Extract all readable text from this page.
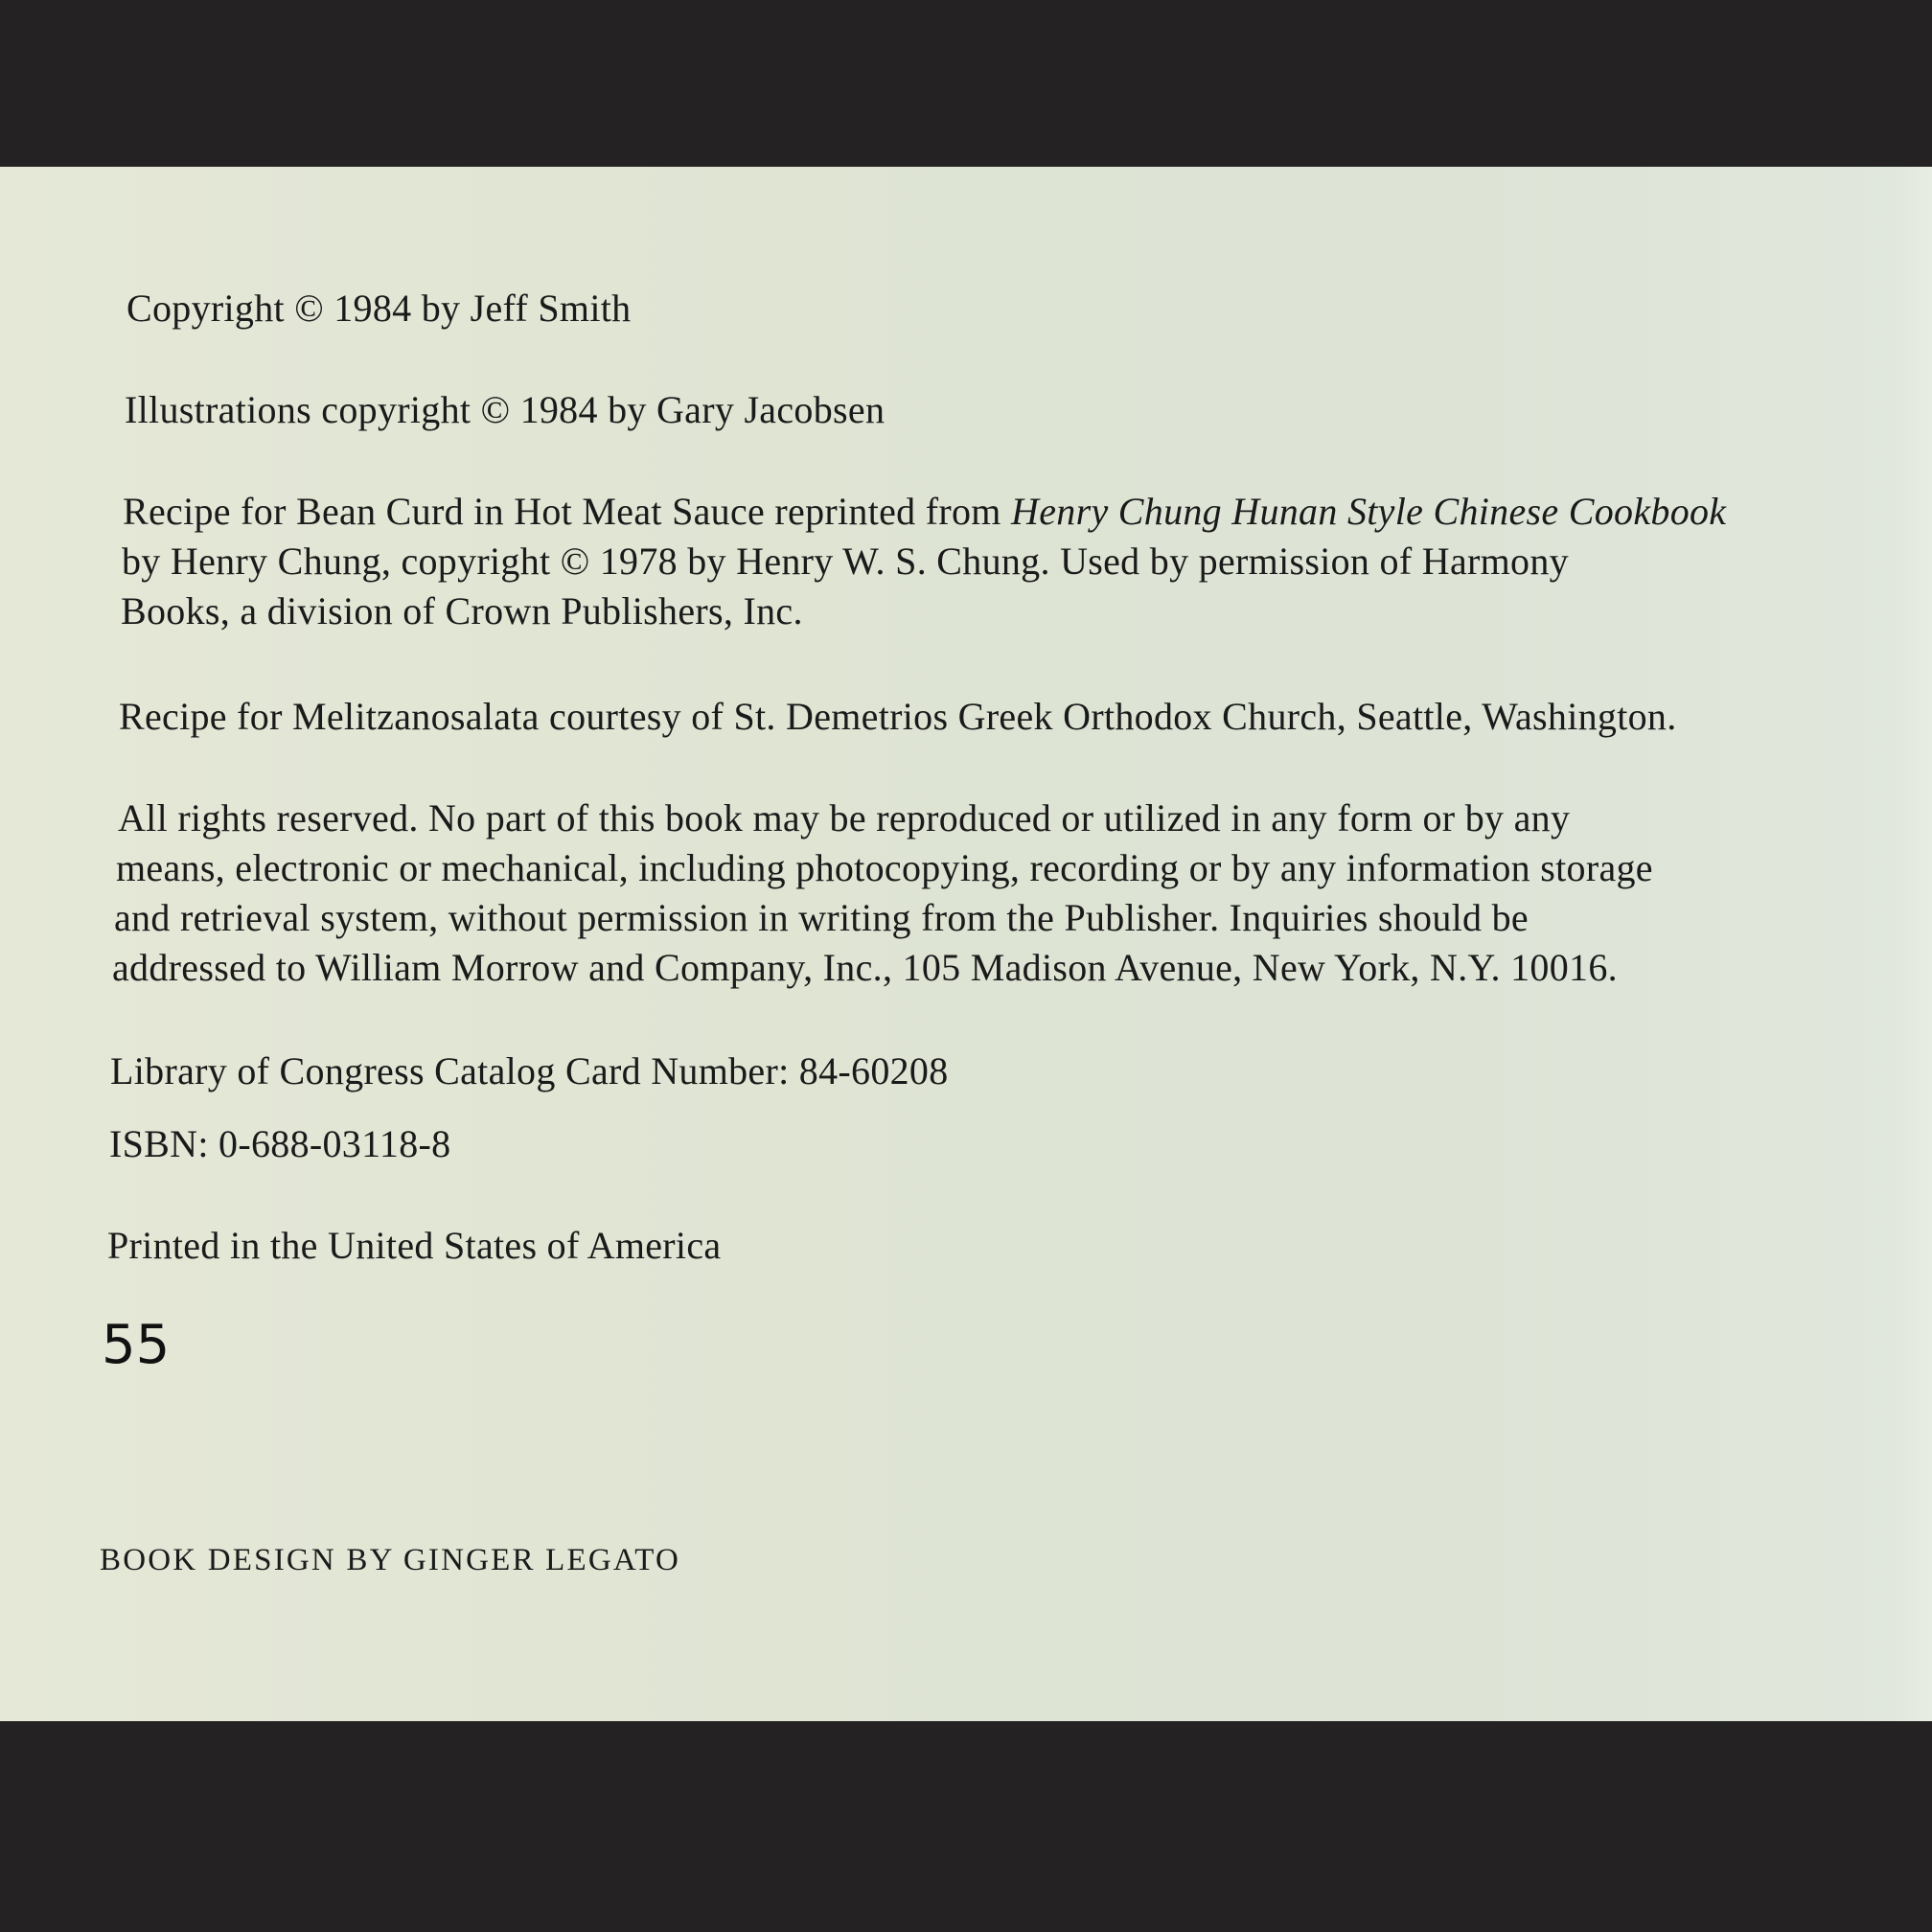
Copyright © 1984 by Jeff Smith

Illustrations copyright © 1984 by Gary Jacobsen

Recipe for Bean Curd in Hot Meat Sauce reprinted from Henry Chung Hunan Style Chinese Cookbook

by Henry Chung, copyright © 1978 by Henry W. S. Chung. Used by permission of Harmony

Books, a division of Crown Publishers, Inc.

Recipe for Melitzanosalata courtesy of St. Demetrios Greek Orthodox Church, Seattle, Washington.

All rights reserved. No part of this book may be reproduced or utilized in any form or by any

means, electronic or mechanical, including photocopying, recording or by any information storage

and retrieval system, without permission in writing from the Publisher. Inquiries should be

addressed to William Morrow and Company, Inc., 105 Madison Avenue, New York, N.Y. 10016.

Library of Congress Catalog Card Number: 84-60208

ISBN: 0-688-03118-8

Printed in the United States of America

55

BOOK DESIGN BY GINGER LEGATO
